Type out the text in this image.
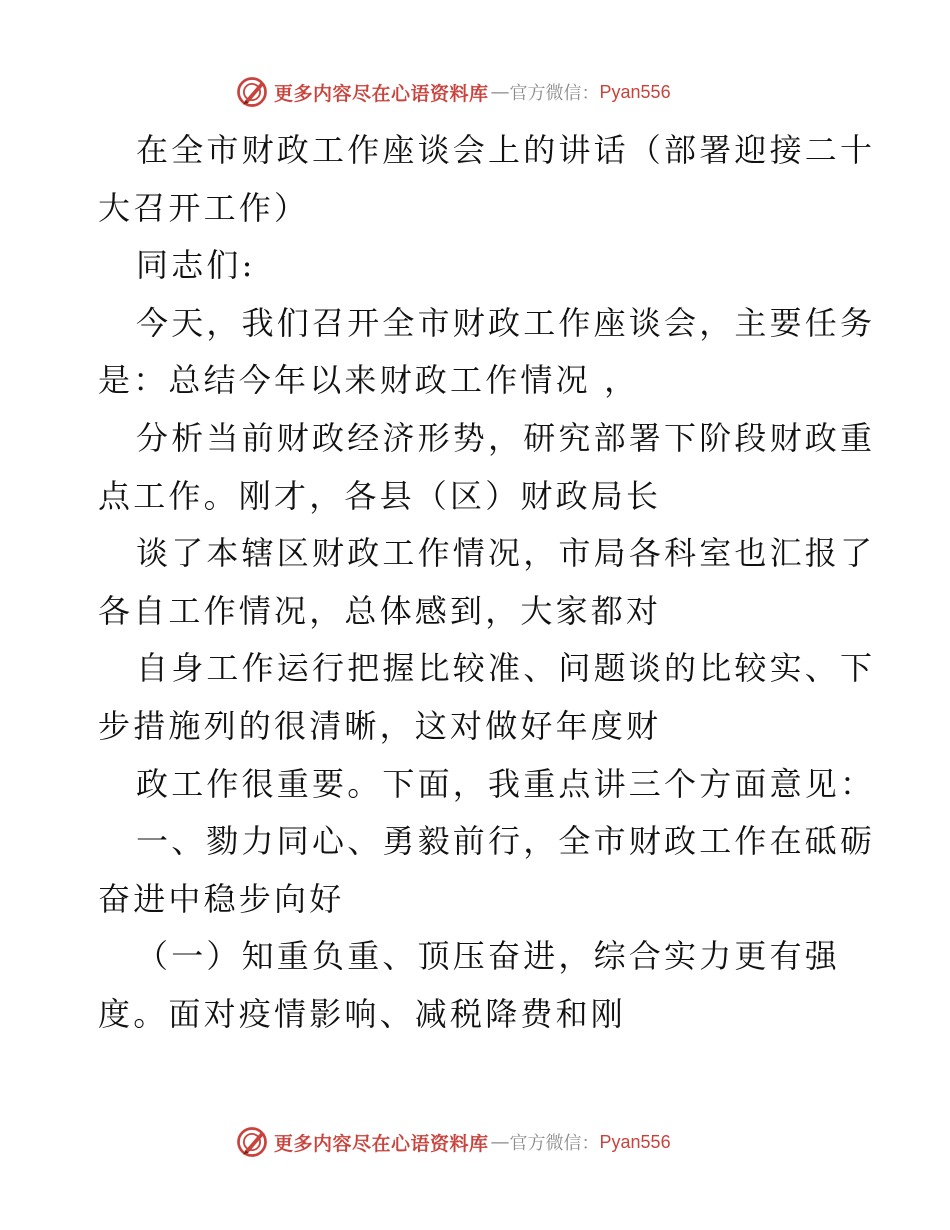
更多内容尽在心语资料库 — 官方微信： Pyan556
在全市财政工作座谈会上的讲话（部署迎接二十
大召开工作）
同志们:
今天，我们召开全市财政工作座谈会，主要任务
是：总结今年以来财政工作情况 ，
分析当前财政经济形势，研究部署下阶段财政重
点工作。刚才，各县（区）财政局长
谈了本辖区财政工作情况，市局各科室也汇报了
各自工作情况，总体感到，大家都对
自身工作运行把握比较准、问题谈的比较实、下
步措施列的很清晰，这对做好年度财
政工作很重要。下面，我重点讲三个方面意见：
一、勠力同心、勇毅前行，全市财政工作在砥砺
奋进中稳步向好
（一）知重负重、顶压奋进，综合实力更有强
度。面对疫情影响、减税降费和刚
更多内容尽在心语资料库 — 官方微信： Pyan556
